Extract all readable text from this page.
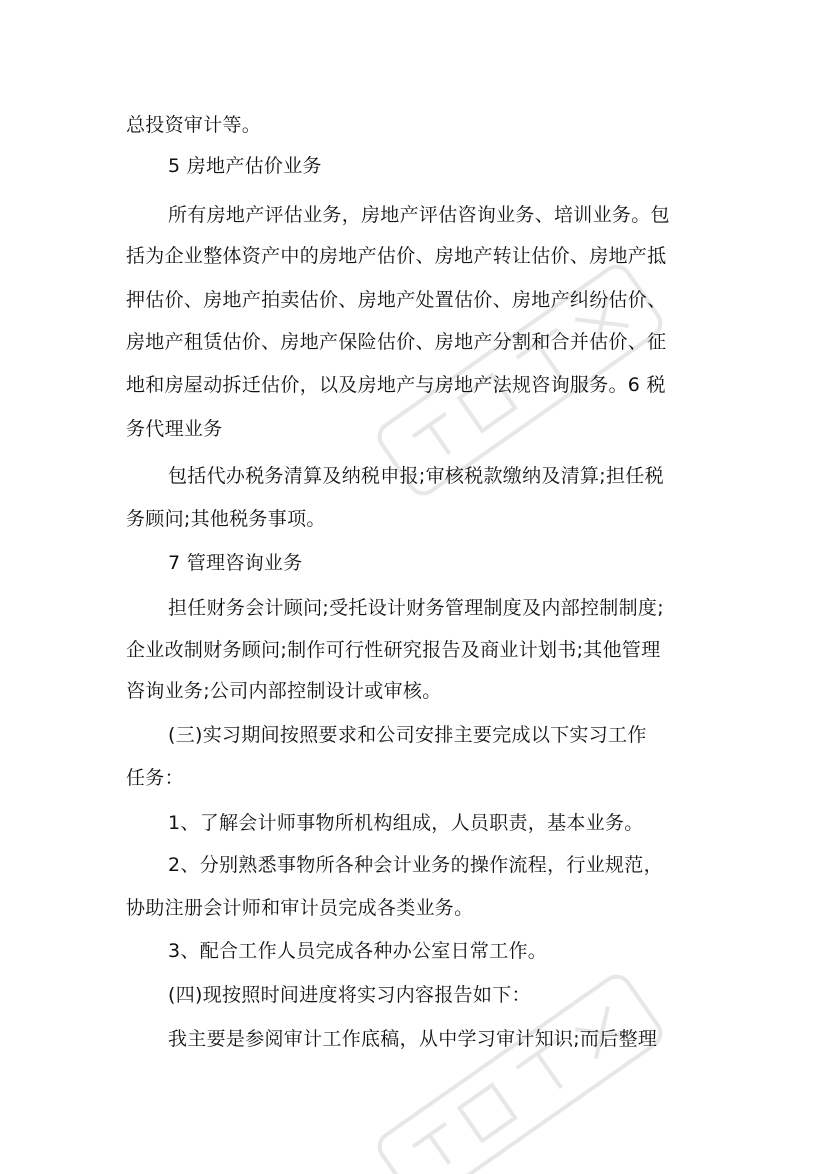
总投资审计等。
5 房地产估价业务
所有房地产评估业务，房地产评估咨询业务、培训业务。包
括为企业整体资产中的房地产估价、房地产转让估价、房地产抵
押估价、房地产拍卖估价、房地产处置估价、房地产纠纷估价、
房地产租赁估价、房地产保险估价、房地产分割和合并估价、征
地和房屋动拆迁估价，以及房地产与房地产法规咨询服务。6 税
务代理业务
包括代办税务清算及纳税申报;审核税款缴纳及清算;担任税
务顾问;其他税务事项。
7 管理咨询业务
担任财务会计顾问;受托设计财务管理制度及内部控制制度;
企业改制财务顾问;制作可行性研究报告及商业计划书;其他管理
咨询业务;公司内部控制设计或审核。
(三)实习期间按照要求和公司安排主要完成以下实习工作
任务：
1、了解会计师事物所机构组成，人员职责，基本业务。
2、分别熟悉事物所各种会计业务的操作流程，行业规范，
协助注册会计师和审计员完成各类业务。
3、配合工作人员完成各种办公室日常工作。
(四)现按照时间进度将实习内容报告如下：
我主要是参阅审计工作底稿，从中学习审计知识;而后整理
